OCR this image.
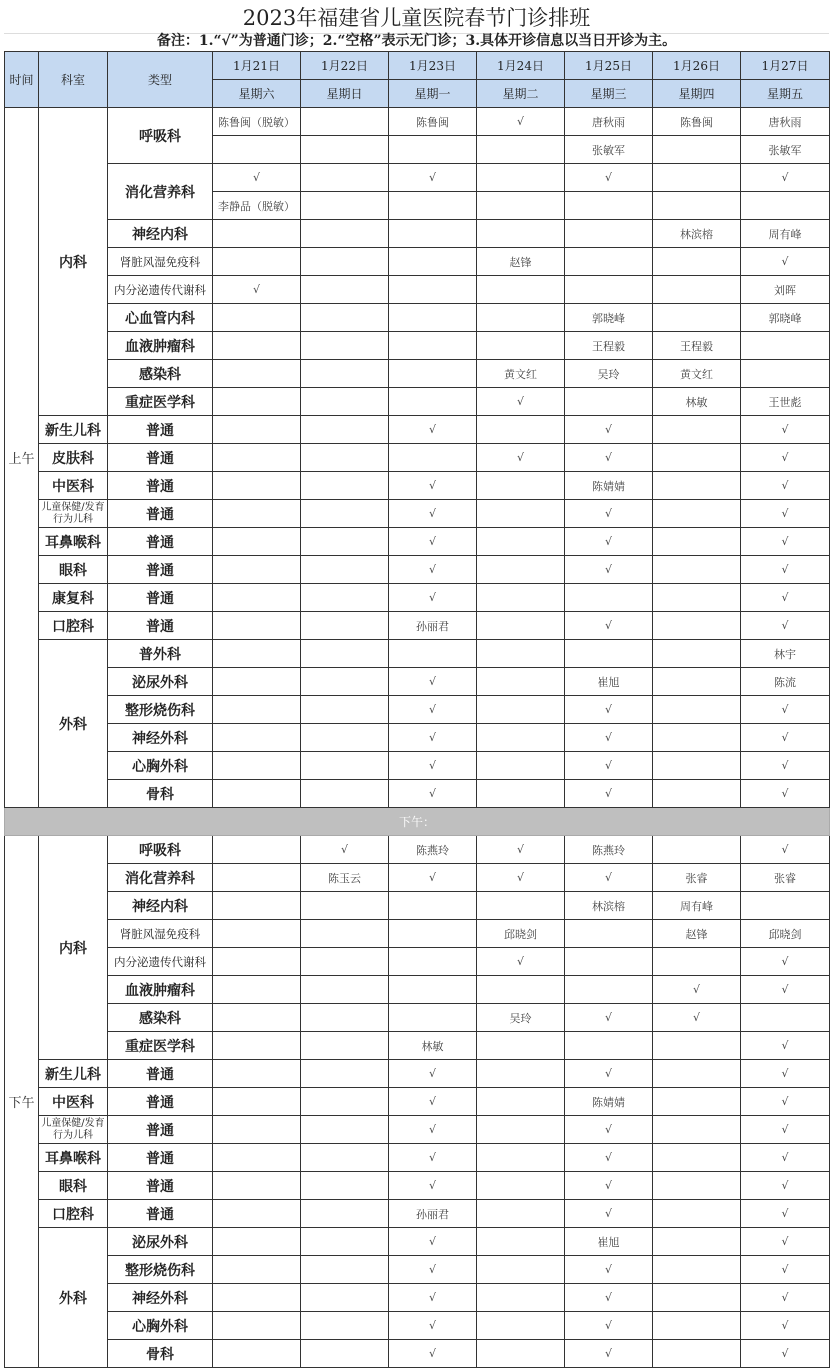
2023年福建省儿童医院春节门诊排班
备注：1.“√”为普通门诊；2.“空格”表示无门诊；3.具体开诊信息以当日开诊为主。
时间	科室	类型	1月21日	1月22日	1月23日	1月24日	1月25日	1月26日	1月27日
			星期六	星期日	星期一	星期二	星期三	星期四	星期五
上午	内科	呼吸科	陈鲁闽（脱敏）		陈鲁闽	√	唐秋雨	陈鲁闽	唐秋雨
							张敏军		张敏军
		消化营养科	√		√		√		√
			李静品（脱敏）						
		神经内科						林滨榕	周有峰
		肾脏风湿免疫科				赵锋			√
		内分泌遗传代谢科	√						刘晖
		心血管内科					郭晓峰		郭晓峰
		血液肿瘤科					王程毅	王程毅	
		感染科				黄文红	吴玲	黄文红	
		重症医学科				√		林敏	王世彪
	新生儿科	普通			√		√		√
	皮肤科	普通				√	√		√
	中医科	普通			√		陈婧婧		√
	儿童保健/发育行为儿科	普通			√		√		√
	耳鼻喉科	普通			√		√		√
	眼科	普通			√		√		√
	康复科	普通			√				√
	口腔科	普通			孙丽君		√		√
	外科	普外科							林宇
		泌尿外科			√		崔旭		陈流
		整形烧伤科			√		√		√
		神经外科			√		√		√
		心胸外科			√		√		√
		骨科			√		√		√
下午：									
下午	内科	呼吸科		√	陈燕玲	√	陈燕玲		√
		消化营养科		陈玉云	√	√	√	张睿	张睿
		神经内科					林滨榕	周有峰	
		肾脏风湿免疫科				邱晓剑		赵锋	邱晓剑
		内分泌遗传代谢科				√			√
		血液肿瘤科						√	√
		感染科				吴玲	√	√	
		重症医学科			林敏				√
	新生儿科	普通			√		√		√
	中医科	普通			√		陈婧婧		√
	儿童保健/发育行为儿科	普通			√		√		√
	耳鼻喉科	普通			√		√		√
	眼科	普通			√		√		√
	口腔科	普通			孙丽君		√		√
	外科	泌尿外科			√		崔旭		√
		整形烧伤科			√		√		√
		神经外科			√		√		√
		心胸外科			√		√		√
		骨科			√		√		√
